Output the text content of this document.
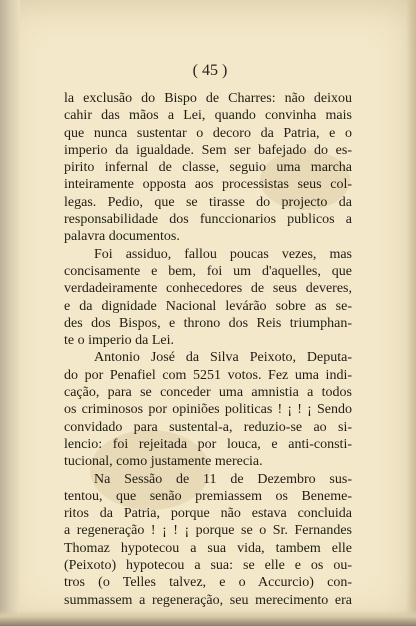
( 45 )
la exclusão do Bispo de Charres: não deixou
cahir das mãos a Lei, quando convinha mais
que nunca sustentar o decoro da Patria, e o
imperio da igualdade. Sem ser bafejado do es-
pirito infernal de classe, seguio uma marcha
inteiramente opposta aos processistas seus col-
legas. Pedio, que se tirasse do projecto da
responsabilidade dos funccionarios publicos a
palavra documentos.
Foi assiduo, fallou poucas vezes, mas
concisamente e bem, foi um d'aquelles, que
verdadeiramente conhecedores de seus deveres,
e da dignidade Nacional levárão sobre as se-
des dos Bispos, e throno dos Reis triumphan-
te o imperio da Lei.
Antonio José da Silva Peixoto, Deputa-
do por Penafiel com 5251 votos. Fez uma indi-
cação, para se conceder uma amnistia a todos
os criminosos por opiniões politicas ! ¡ ! ¡ Sendo
convidado para sustental-a, reduzio-se ao si-
lencio: foi rejeitada por louca, e anti-consti-
tucional, como justamente merecia.
Na Sessão de 11 de Dezembro sus-
tentou, que senão premiassem os Beneme-
ritos da Patria, porque não estava concluida
a regeneração ! ¡ ! ¡ porque se o Sr. Fernandes
Thomaz hypotecou a sua vida, tambem elle
(Peixoto) hypotecou a sua: se elle e os ou-
tros (o Telles talvez, e o Accurcio) con-
summassem a regeneração, seu merecimento era
